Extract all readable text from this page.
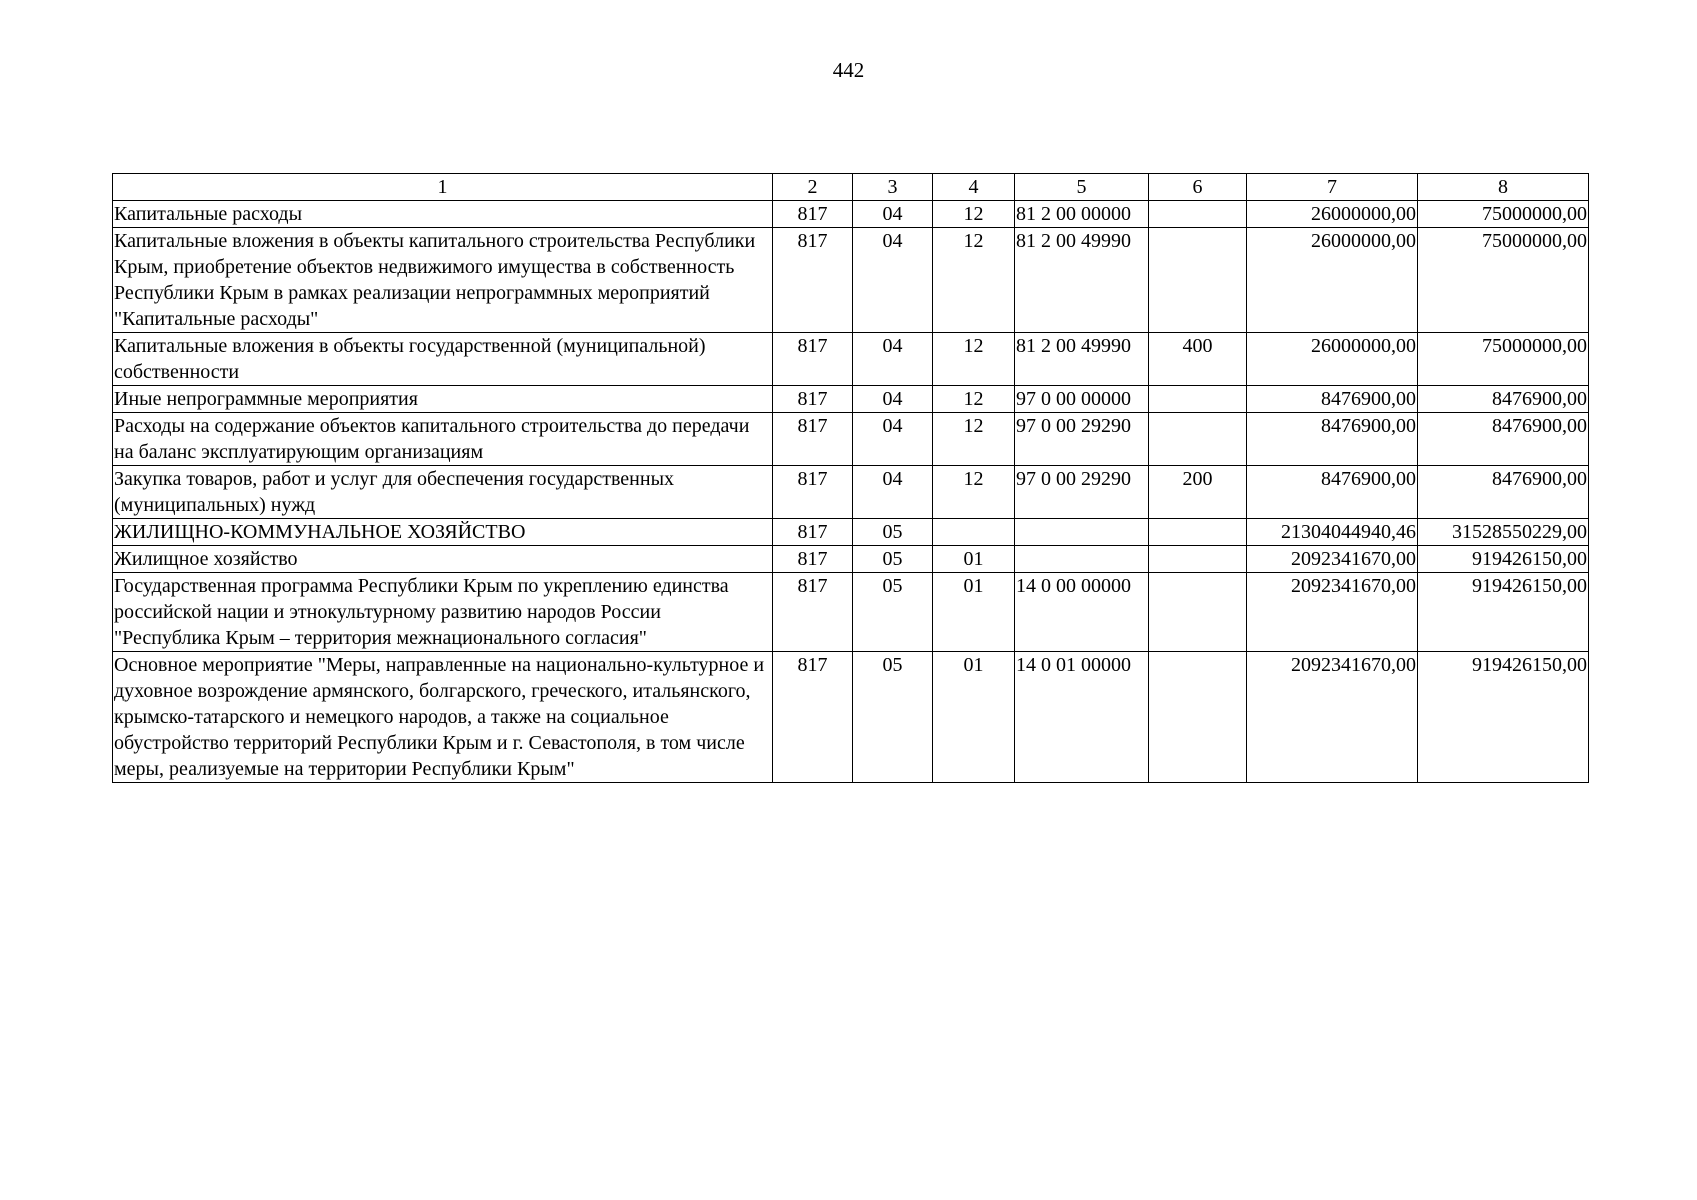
442
1	2	3	4	5	6	7	8
Капитальные расходы	817	04	12	81 2 00 00000		26000000,00	75000000,00
Капитальные вложения в объекты капитального строительства Республики Крым, приобретение объектов недвижимого имущества в собственность Республики Крым в рамках реализации непрограммных мероприятий "Капитальные расходы"	817	04	12	81 2 00 49990		26000000,00	75000000,00
Капитальные вложения в объекты государственной (муниципальной) собственности	817	04	12	81 2 00 49990	400	26000000,00	75000000,00
Иные непрограммные мероприятия	817	04	12	97 0 00 00000		8476900,00	8476900,00
Расходы на содержание объектов капитального строительства до передачи на баланс эксплуатирующим организациям	817	04	12	97 0 00 29290		8476900,00	8476900,00
Закупка товаров, работ и услуг для обеспечения государственных (муниципальных) нужд	817	04	12	97 0 00 29290	200	8476900,00	8476900,00
ЖИЛИЩНО-КОММУНАЛЬНОЕ ХОЗЯЙСТВО	817	05				21304044940,46	31528550229,00
Жилищное хозяйство	817	05	01			2092341670,00	919426150,00
Государственная программа Республики Крым по укреплению единства российской нации и этнокультурному развитию народов России "Республика Крым – территория межнационального согласия"	817	05	01	14 0 00 00000		2092341670,00	919426150,00
Основное мероприятие "Меры, направленные на национально-культурное и духовное возрождение армянского, болгарского, греческого, итальянского, крымско-татарского и немецкого народов, а также на социальное обустройство территорий Республики Крым и г. Севастополя, в том числе меры, реализуемые на территории Республики Крым"	817	05	01	14 0 01 00000		2092341670,00	919426150,00
